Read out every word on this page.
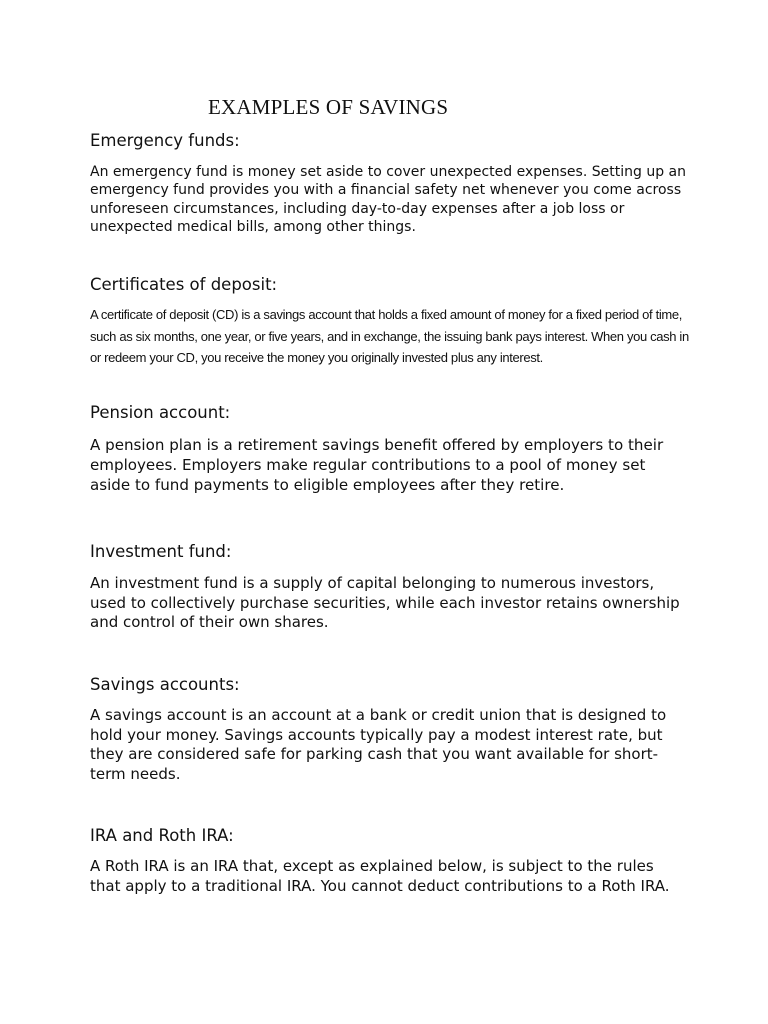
EXAMPLES OF SAVINGS
Emergency funds:

An emergency fund is money set aside to cover unexpected expenses. Setting up an emergency fund provides you with a financial safety net whenever you come across unforeseen circumstances, including day-to-day expenses after a job loss or unexpected medical bills, among other things.

Certificates of deposit:

A certificate of deposit (CD) is a savings account that holds a fixed amount of money for a fixed period of time, such as six months, one year, or five years, and in exchange, the issuing bank pays interest. When you cash in or redeem your CD, you receive the money you originally invested plus any interest.

Pension account:

A pension plan is a retirement savings benefit offered by employers to their employees. Employers make regular contributions to a pool of money set aside to fund payments to eligible employees after they retire.

Investment fund:

An investment fund is a supply of capital belonging to numerous investors, used to collectively purchase securities, while each investor retains ownership and control of their own shares.

Savings accounts:

A savings account is an account at a bank or credit union that is designed to hold your money. Savings accounts typically pay a modest interest rate, but they are considered safe for parking cash that you want available for short-term needs.

IRA and Roth IRA:

A Roth IRA is an IRA that, except as explained below, is subject to the rules that apply to a traditional IRA. You cannot deduct contributions to a Roth IRA.
